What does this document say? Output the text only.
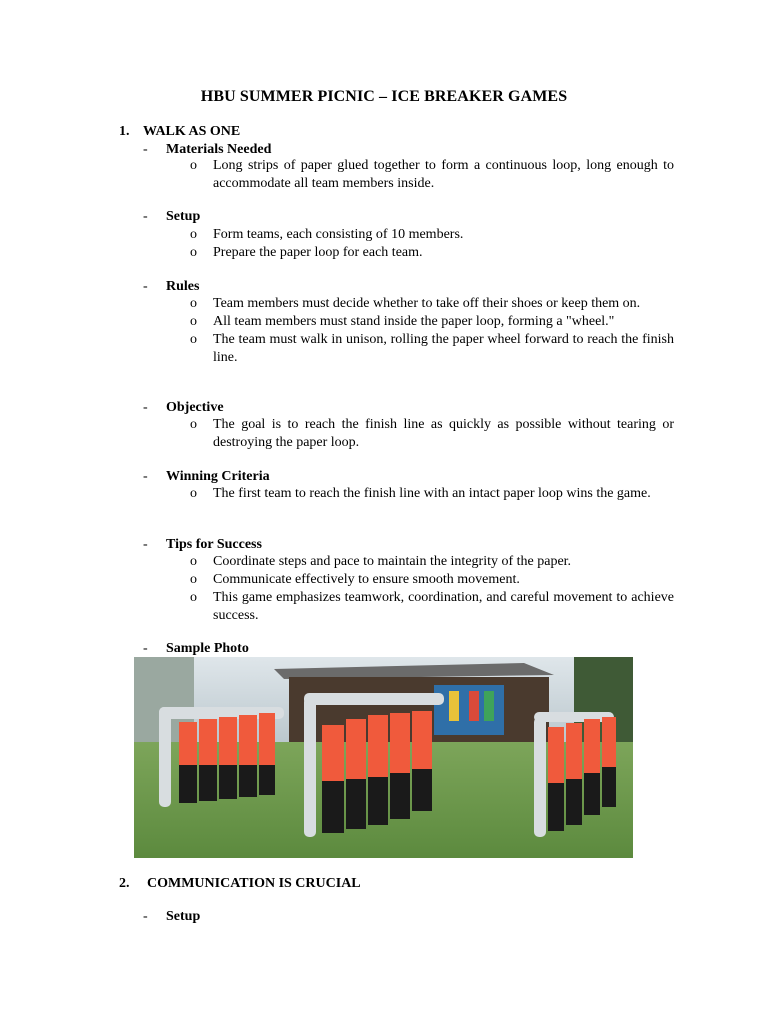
HBU SUMMER PICNIC – ICE BREAKER GAMES
1. WALK AS ONE
- Materials Needed
o Long strips of paper glued together to form a continuous loop, long enough to accommodate all team members inside.
- Setup
o Form teams, each consisting of 10 members.
o Prepare the paper loop for each team.
- Rules
o Team members must decide whether to take off their shoes or keep them on.
o All team members must stand inside the paper loop, forming a "wheel."
o The team must walk in unison, rolling the paper wheel forward to reach the finish line.
- Objective
o The goal is to reach the finish line as quickly as possible without tearing or destroying the paper loop.
- Winning Criteria
o The first team to reach the finish line with an intact paper loop wins the game.
- Tips for Success
o Coordinate steps and pace to maintain the integrity of the paper.
o Communicate effectively to ensure smooth movement.
o This game emphasizes teamwork, coordination, and careful movement to achieve success.
- Sample Photo
2. COMMUNICATION IS CRUCIAL
- Setup
